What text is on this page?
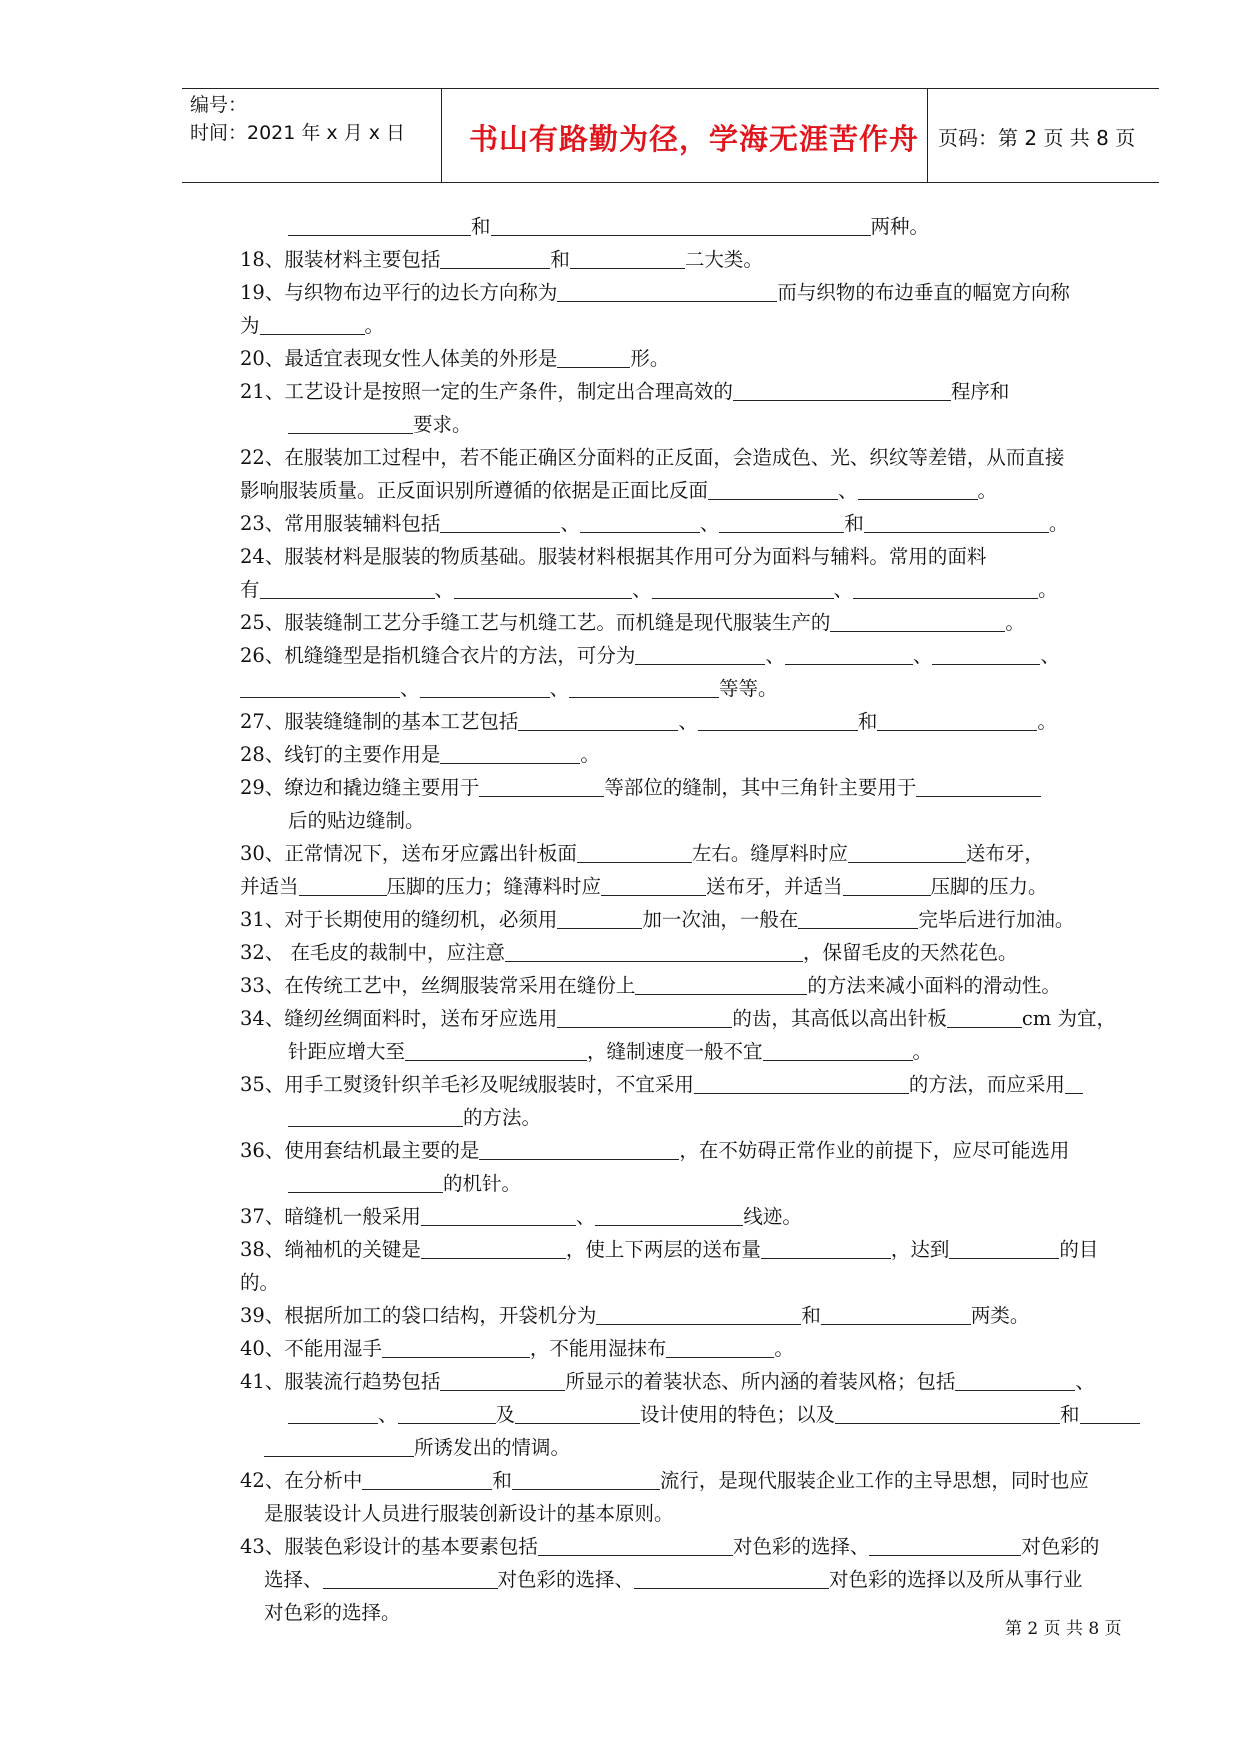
编号：
时间：2021 年 x 月 x 日	书山有路勤为径，学海无涯苦作舟 页码：第 2 页 共 8 页
和	两种。
18、服装材料主要包括	和	二大类。
19、与织物布边平行的边长方向称为	而与织物的布边垂直的幅宽方向称
为	。
20、最适宜表现女性人体美的外形是	形。
21、工艺设计是按照一定的生产条件，制定出合理高效的	程序和
要求。
22、在服装加工过程中，若不能正确区分面料的正反面，会造成色、光、织纹等差错，从而直接
影响服装质量。正反面识别所遵循的依据是正面比反面	、	。
23、常用服装辅料包括	、	、	和	。
24、服装材料是服装的物质基础。服装材料根据其作用可分为面料与辅料。常用的面料
有	、	、	、	。
25、服装缝制工艺分手缝工艺与机缝工艺。而机缝是现代服装生产的	。
26、机缝缝型是指机缝合衣片的方法，可分为	、	、	、
、	、	等等。
27、服装缝缝制的基本工艺包括	、	和	。
28、线钉的主要作用是	。
29、缭边和撬边缝主要用于	等部位的缝制，其中三角针主要用于
后的贴边缝制。
30、正常情况下，送布牙应露出针板面	左右。缝厚料时应	送布牙，
并适当	压脚的压力；缝薄料时应	送布牙，并适当	压脚的压力。
31、对于长期使用的缝纫机，必须用	加一次油，一般在	完毕后进行加油。
32、 在毛皮的裁制中，应注意	，保留毛皮的天然花色。
33、在传统工艺中，丝绸服装常采用在缝份上	的方法来减小面料的滑动性。
34、缝纫丝绸面料时，送布牙应选用	的齿，其高低以高出针板	cm 为宜，
针距应增大至	，缝制速度一般不宜	。
35、用手工熨烫针织羊毛衫及呢绒服装时，不宜采用	的方法，而应采用
的方法。
36、使用套结机最主要的是	，在不妨碍正常作业的前提下，应尽可能选用
的机针。
37、暗缝机一般采用	、	线迹。
38、绱袖机的关键是	，使上下两层的送布量	，达到	的目
的。
39、根据所加工的袋口结构，开袋机分为	和	两类。
40、不能用湿手	，不能用湿抹布	。
41、服装流行趋势包括	所显示的着装状态、所内涵的着装风格；包括	、
、	及	设计使用的特色；以及	和
所诱发出的情调。
42、在分析中	和	流行，是现代服装企业工作的主导思想，同时也应
是服装设计人员进行服装创新设计的基本原则。
43、服装色彩设计的基本要素包括	对色彩的选择、	对色彩的
选择、	对色彩的选择、	对色彩的选择以及所从事行业
对色彩的选择。
第 2 页 共 8 页
